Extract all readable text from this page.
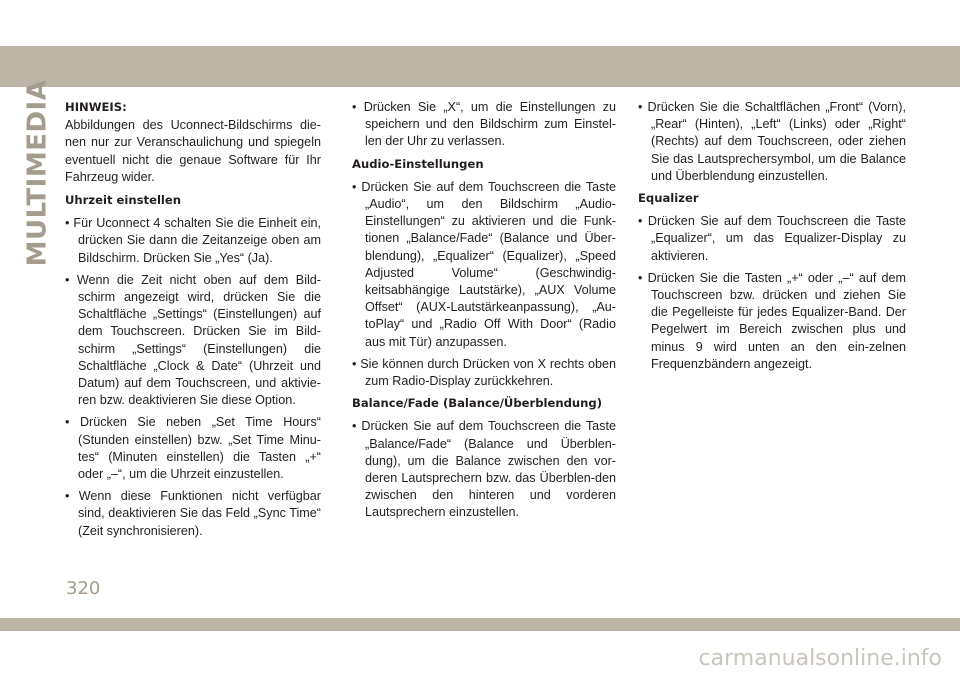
MULTIMEDIA HINWEIS:

Abbildungen des Uconnect-Bildschirms die-nen nur zur Veranschaulichung und spiegeln eventuell nicht die genaue Software für Ihr Fahrzeug wider.

Uhrzeit einstellen

• Für Uconnect 4 schalten Sie die Einheit ein, drücken Sie dann die Zeitanzeige oben am Bildschirm. Drücken Sie „Yes“ (Ja).

• Wenn die Zeit nicht oben auf dem Bild-schirm angezeigt wird, drücken Sie die Schaltfläche „Settings“ (Einstellungen) auf dem Touchscreen. Drücken Sie im Bild-schirm „Settings“ (Einstellungen) die Schaltfläche „Clock & Date“ (Uhrzeit und Datum) auf dem Touchscreen, und aktivie-ren bzw. deaktivieren Sie diese Option.

• Drücken Sie neben „Set Time Hours“ (Stunden einstellen) bzw. „Set Time Minu-tes“ (Minuten einstellen) die Tasten „+“ oder „–“, um die Uhrzeit einzustellen.

• Wenn diese Funktionen nicht verfügbar sind, deaktivieren Sie das Feld „Sync Time“ (Zeit synchronisieren).

• Drücken Sie „X“, um die Einstellungen zu speichern und den Bildschirm zum Einstel-len der Uhr zu verlassen.

Audio-Einstellungen

• Drücken Sie auf dem Touchscreen die Taste „Audio“, um den Bildschirm „Audio-Einstellungen“ zu aktivieren und die Funk-tionen „Balance/Fade“ (Balance und Über-blendung), „Equalizer“ (Equalizer), „Speed Adjusted Volume“ (Geschwindig-keitsabhängige Lautstärke), „AUX Volume Offset“ (AUX-Lautstärkeanpassung), „Au-toPlay“ und „Radio Off With Door“ (Radio aus mit Tür) anzupassen.

• Sie können durch Drücken von X rechts oben zum Radio-Display zurückkehren.

Balance/Fade (Balance/Überblendung)

• Drücken Sie auf dem Touchscreen die Taste „Balance/Fade“ (Balance und Überblen-dung), um die Balance zwischen den vor-deren Lautsprechern bzw. das Überblen-den zwischen den hinteren und vorderen Lautsprechern einzustellen.

• Drücken Sie die Schaltflächen „Front“ (Vorn), „Rear“ (Hinten), „Left“ (Links) oder „Right“ (Rechts) auf dem Touchscreen, oder ziehen Sie das Lautsprechersymbol, um die Balance und Überblendung einzustellen.

Equalizer

• Drücken Sie auf dem Touchscreen die Taste „Equalizer“, um das Equalizer-Display zu aktivieren.

• Drücken Sie die Tasten „+“ oder „–“ auf dem Touchscreen bzw. drücken und ziehen Sie die Pegelleiste für jedes Equalizer-Band. Der Pegelwert im Bereich zwischen plus und minus 9 wird unten an den ein-zelnen Frequenzbändern angezeigt.

320
carmanualsonline.info
